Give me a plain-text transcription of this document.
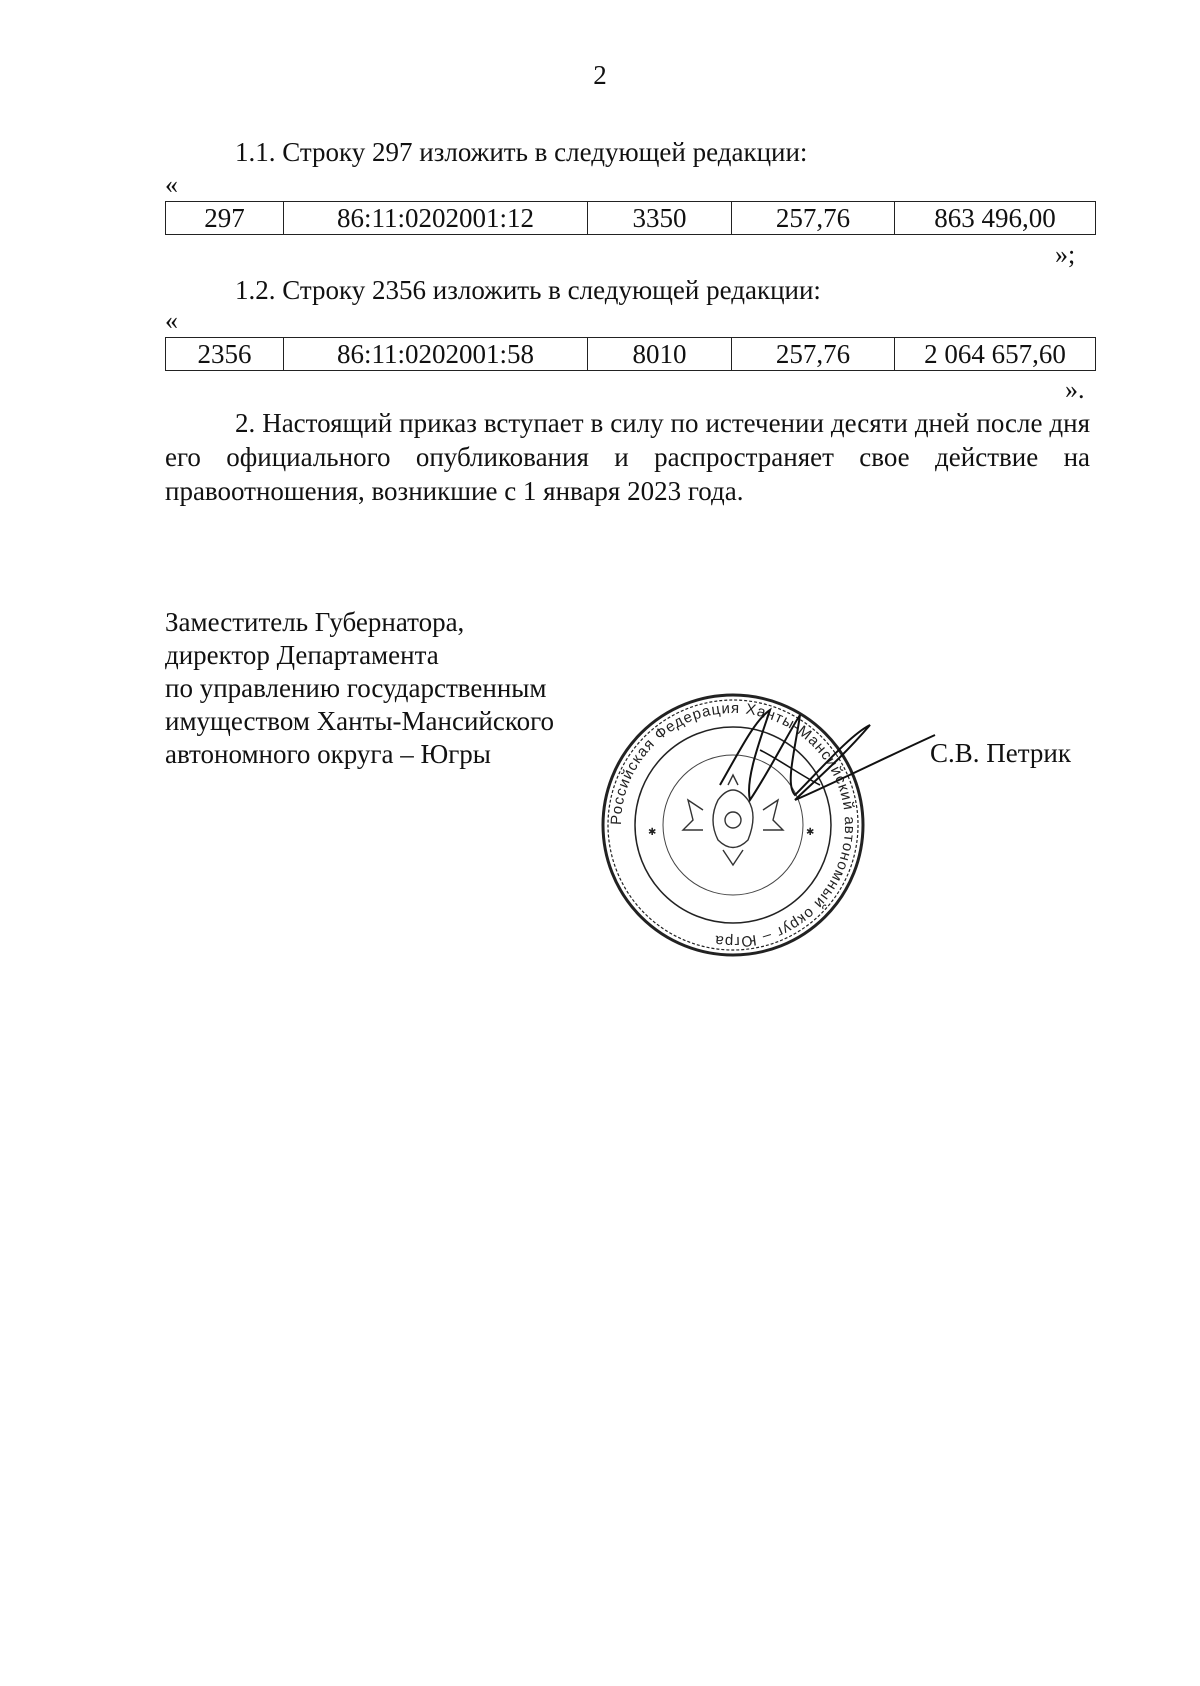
2
1.1. Строку 297 изложить в следующей редакции:
«
297	86:11:0202001:12	3350	257,76	863 496,00
»;
1.2. Строку 2356 изложить в следующей редакции:
«
2356	86:11:0202001:58	8010	257,76	2 064 657,60
».
2. Настоящий приказ вступает в силу по истечении десяти дней после дня его официального опубликования и распространяет свое действие на правоотношения, возникшие с 1 января 2023 года.
Заместитель Губернатора,
директор Департамента
по управлению государственным
имуществом Ханты-Мансийского
автономного округа – Югры
Российская Федерация Ханты-Мансийский автономный округ – Югра
✱	✱
С.В. Петрик
